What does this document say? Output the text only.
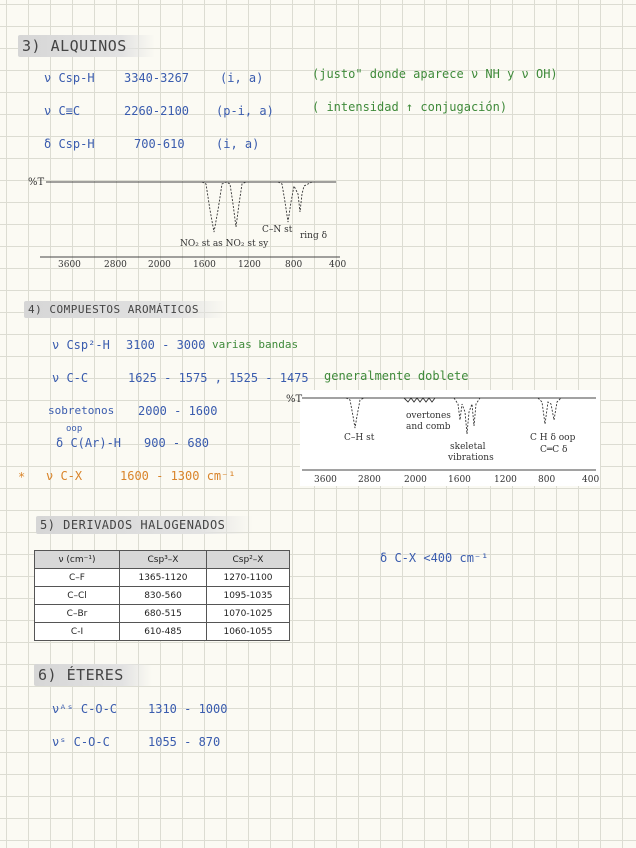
3) ALQUINOS
ν Csp-H 3340-3267	(i, a)	(justo" donde aparece ν NH y ν OH)
ν C≡C	2260-2100 (p-i, a)	( intensidad ↑ conjugación)
δ Csp-H	700-610	(i, a)
%T
3600	2800 2000 1600 1200	800	400
NO₂ st as NO₂ st sy
C–N st
ring δ
4) COMPUESTOS AROMÁTICOS
ν Csp²-H 3100 - 3000 varias bandas
ν C-C	1625 - 1575 , 1525 - 1475 generalmente doblete
sobretonos 2000 - 1600
oop
δ C(Ar)-H 900 - 680
* ν C-X	1600 - 1300 cm⁻¹
%T
3600 2800	2000 1600	1200 800	400
C–H st
overtones
and comb
skeletal
vibrations
C H δ oop
C═C δ
5) DERIVADOS HALOGENADOS
ν (cm⁻¹)	Csp³–X	Csp²–X
C–F	1365-1120	1270-1100
C–Cl	830-560	1095-1035
C–Br	680-515	1070-1025
C-I	610-485	1060-1055
δ C-X <400 cm⁻¹
6) ÉTERES
νᴬˢ C-O-C	1310 - 1000
νˢ C-O-C	1055 - 870
